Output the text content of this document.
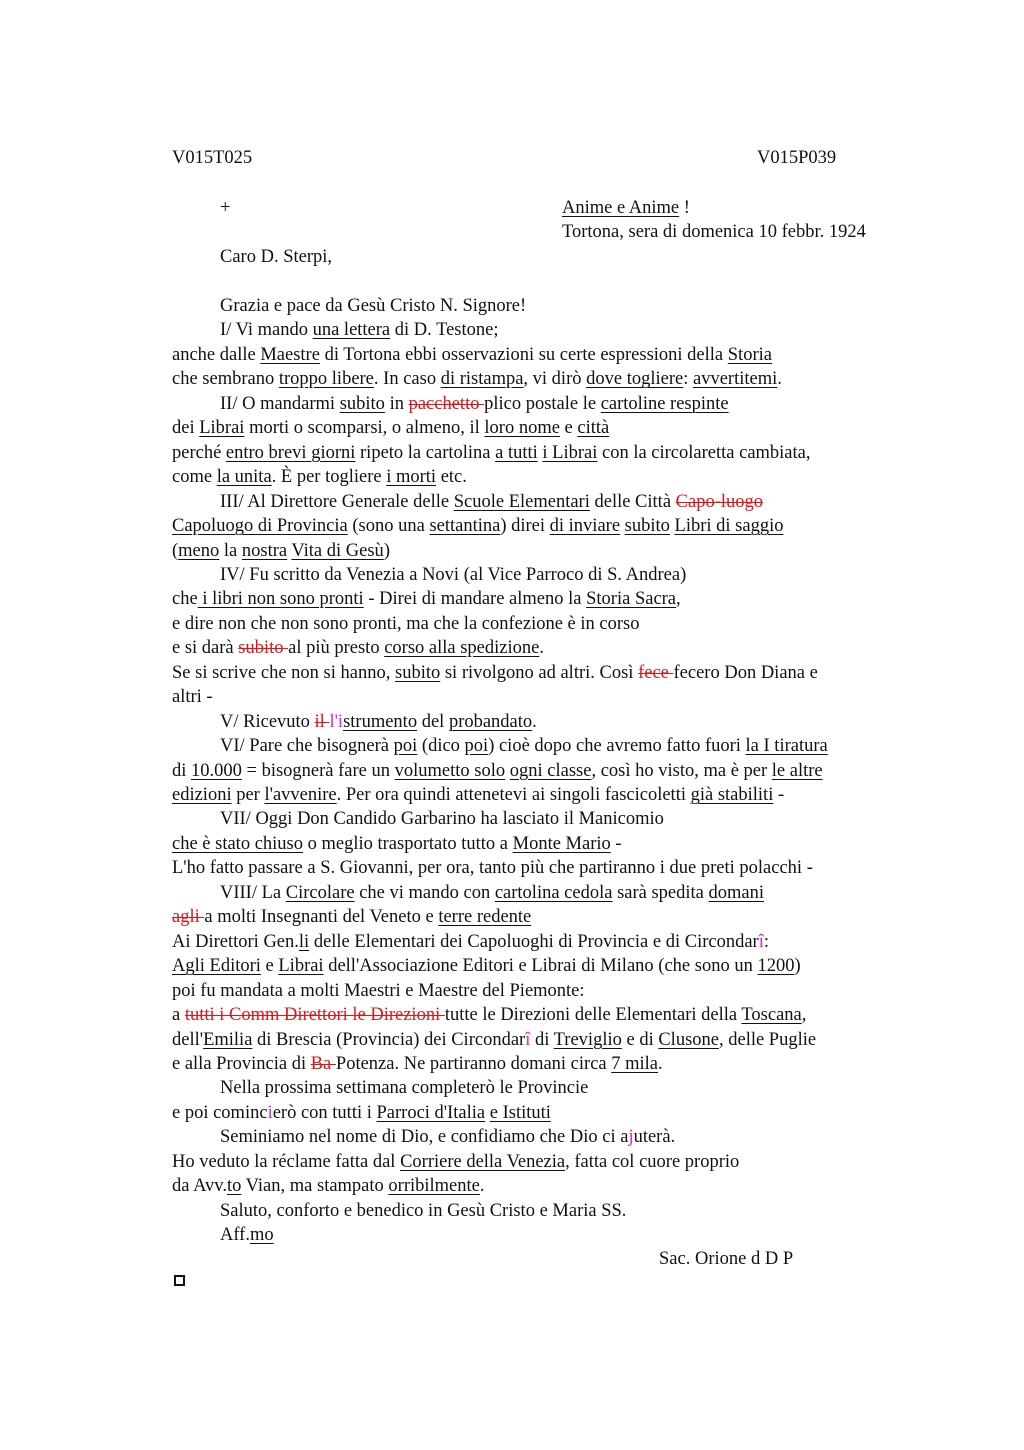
V015T025	V015P039
+	Anime e Anime !
Tortona, sera di domenica 10 febbr. 1924
Caro D. Sterpi,
Grazia e pace da Gesù Cristo N. Signore!
I/ Vi mando una lettera di D. Testone;
anche dalle Maestre di Tortona ebbi osservazioni su certe espressioni della Storia
che sembrano troppo libere. In caso di ristampa, vi dirò dove togliere: avvertitemi.
II/ O mandarmi subito in pacchetto plico postale le cartoline respinte
dei Librai morti o scomparsi, o almeno, il loro nome e città
perché entro brevi giorni ripeto la cartolina a tutti i Librai con la circolaretta cambiata,
come la unita. È per togliere i morti etc.
III/ Al Direttore Generale delle Scuole Elementari delle Città Capo-luogo
Capoluogo di Provincia (sono una settantina) direi di inviare subito Libri di saggio
(meno la nostra Vita di Gesù)
IV/ Fu scritto da Venezia a Novi (al Vice Parroco di S. Andrea)
che i libri non sono pronti - Direi di mandare almeno la Storia Sacra,
e dire non che non sono pronti, ma che la confezione è in corso
e si darà subito al più presto corso alla spedizione.
Se si scrive che non si hanno, subito si rivolgono ad altri. Così fece fecero Don Diana e
altri -
V/ Ricevuto il l'istrumento del probandato.
VI/ Pare che bisognerà poi (dico poi) cioè dopo che avremo fatto fuori la I tiratura
di 10.000 = bisognerà fare un volumetto solo ogni classe, così ho visto, ma è per le altre
edizioni per l'avvenire. Per ora quindi attenetevi ai singoli fascicoletti già stabiliti -
VII/ Oggi Don Candido Garbarino ha lasciato il Manicomio
che è stato chiuso o meglio trasportato tutto a Monte Mario -
L'ho fatto passare a S. Giovanni, per ora, tanto più che partiranno i due preti polacchi -
VIII/ La Circolare che vi mando con cartolina cedola sarà spedita domani
agli a molti Insegnanti del Veneto e terre redente
Ai Direttori Gen.li delle Elementari dei Capoluoghi di Provincia e di Circondarî:
Agli Editori e Librai dell'Associazione Editori e Librai di Milano (che sono un 1200)
poi fu mandata a molti Maestri e Maestre del Piemonte:
a tutti i Comm Direttori le Direzioni tutte le Direzioni delle Elementari della Toscana,
dell'Emilia di Brescia (Provincia) dei Circondarî di Treviglio e di Clusone, delle Puglie
e alla Provincia di Ba Potenza. Ne partiranno domani circa 7 mila.
Nella prossima settimana completerò le Provincie
e poi comincierò con tutti i Parroci d'Italia e Istituti
Seminiamo nel nome di Dio, e confidiamo che Dio ci ajuterà.
Ho veduto la réclame fatta dal Corriere della Venezia, fatta col cuore proprio
da Avv.to Vian, ma stampato orribilmente.
Saluto, conforto e benedico in Gesù Cristo e Maria SS.
Aff.mo
Sac. Orione d D P
